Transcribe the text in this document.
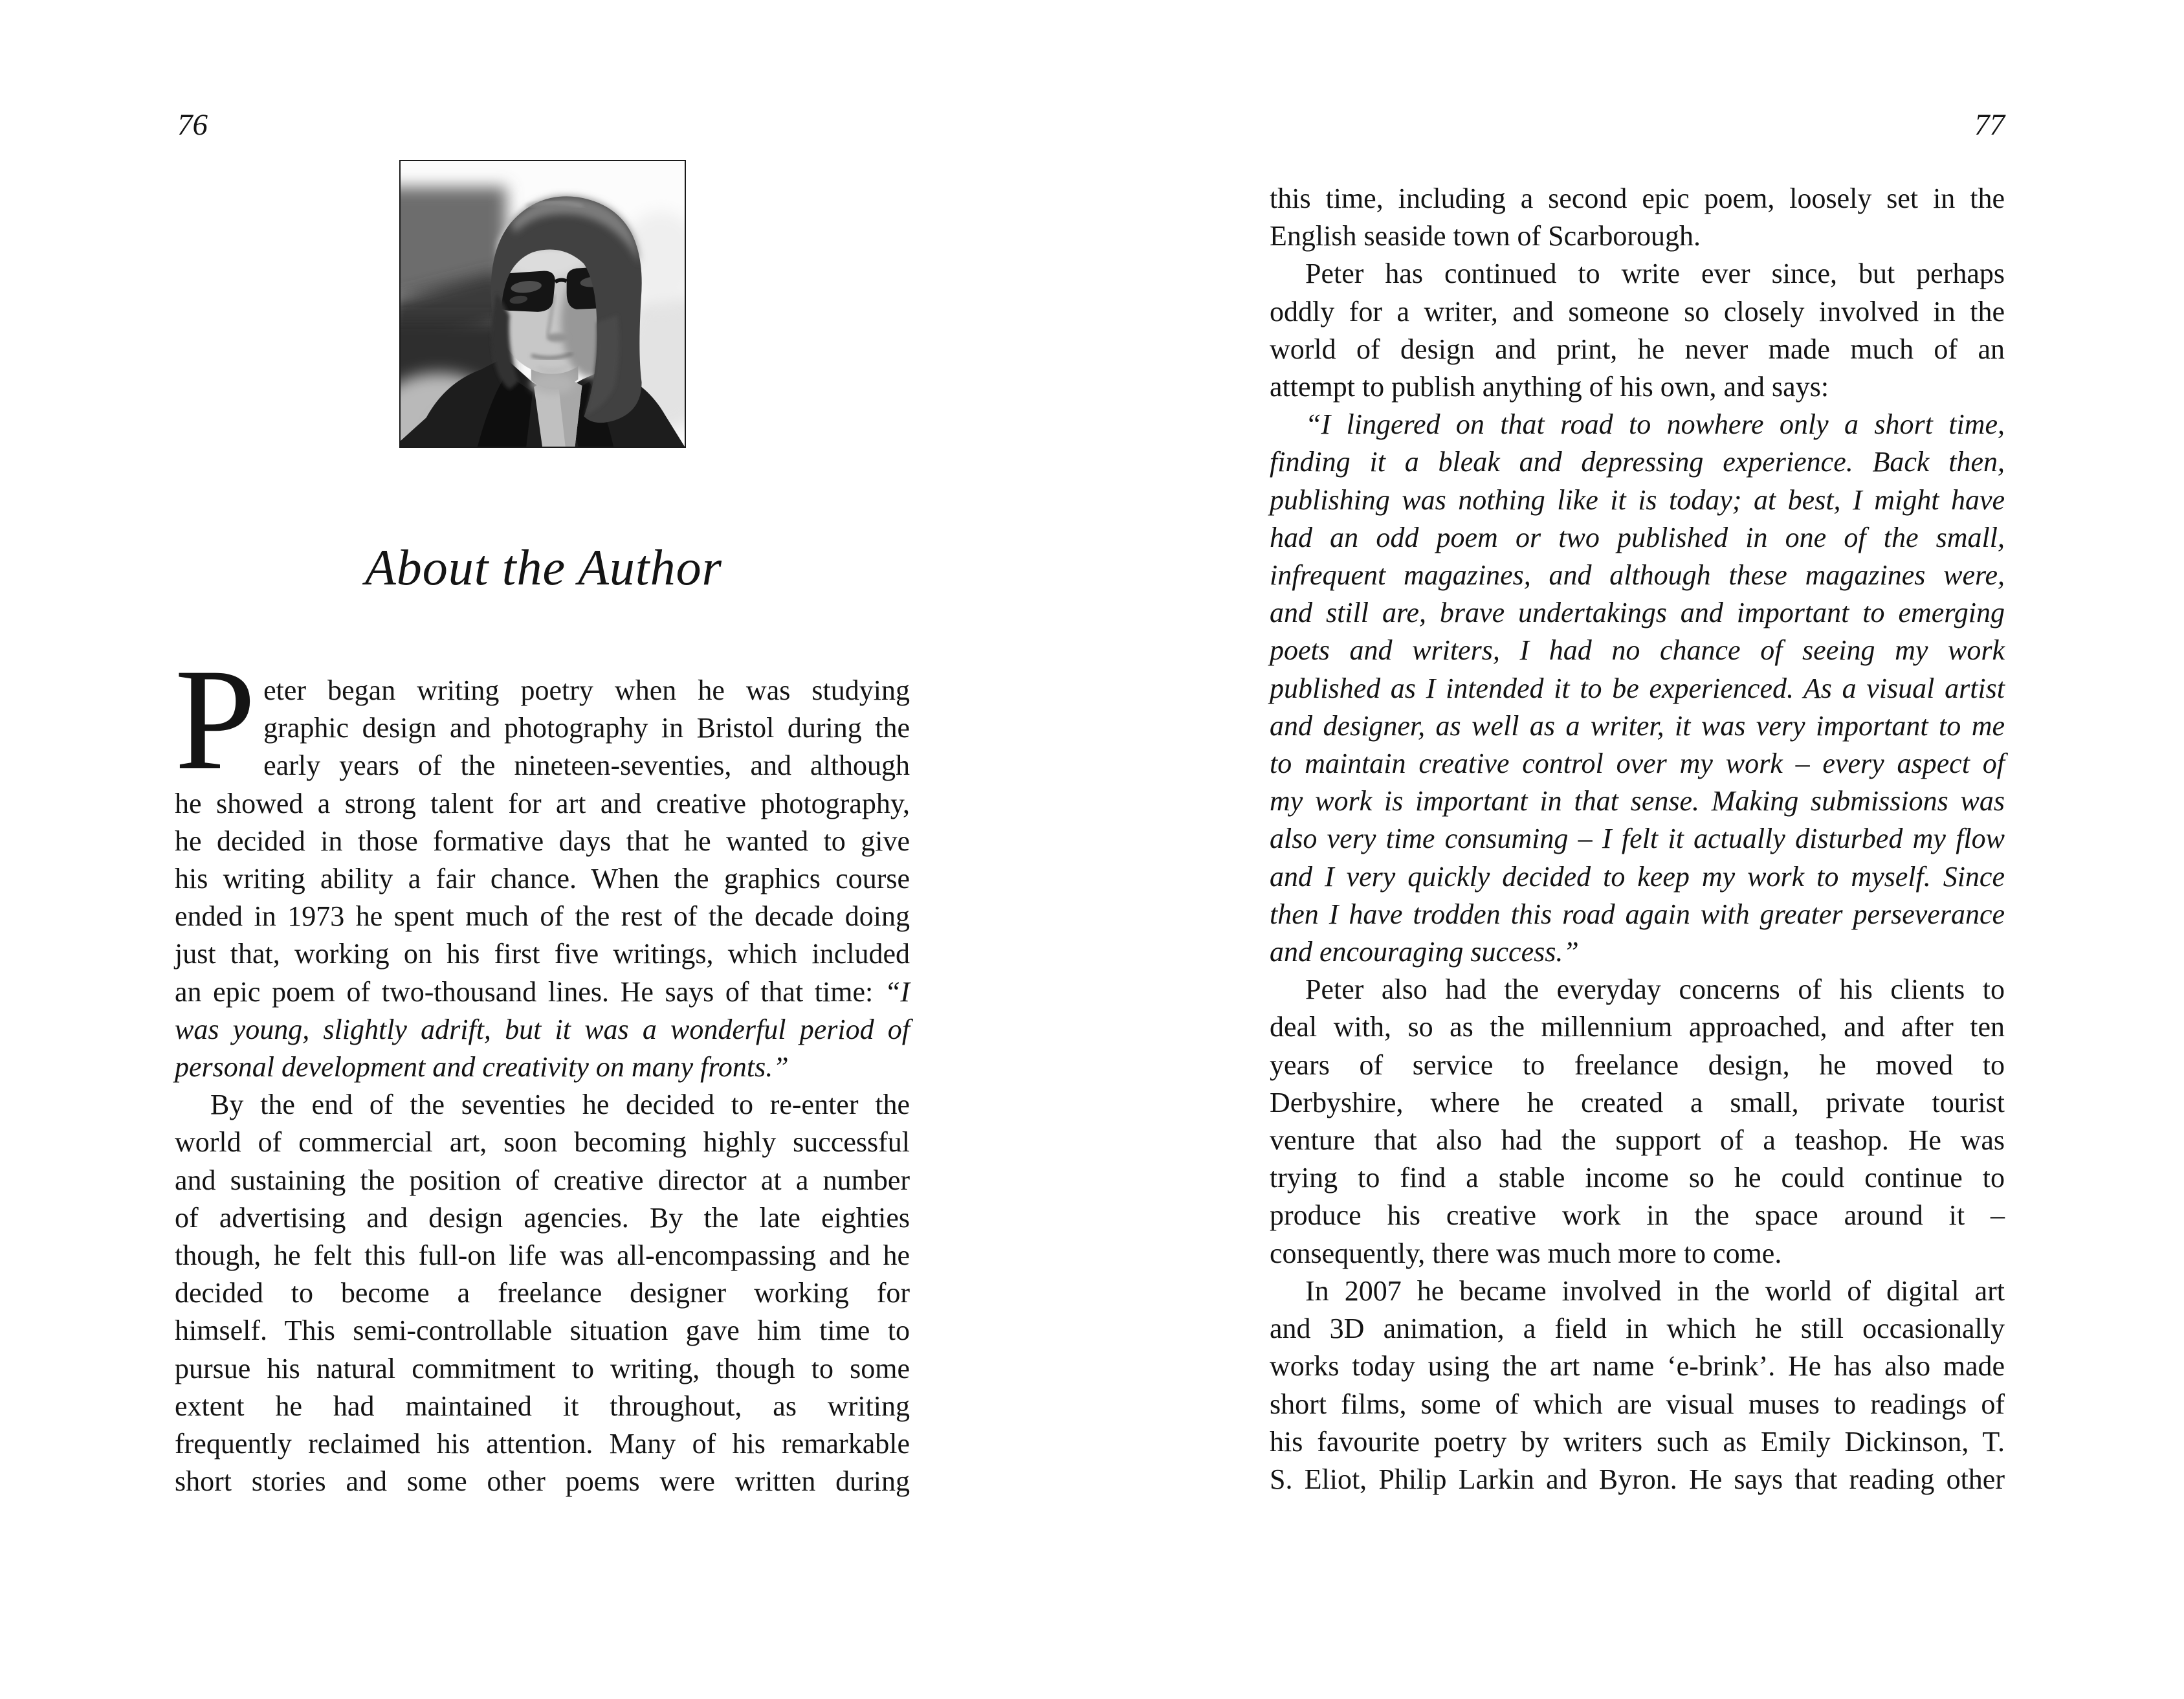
76
About the Author
P eter began writing poetry when he was studying
graphic design and photography in Bristol during the
early years of the nineteen-seventies, and although
he showed a strong talent for art and creative photography,
he decided in those formative days that he wanted to give
his writing ability a fair chance. When the graphics course
ended in 1973 he spent much of the rest of the decade doing
just that, working on his first five writings, which included
an epic poem of two-thousand lines. He says of that time: “I
was young, slightly adrift, but it was a wonderful period of
personal development and creativity on many fronts.”
By the end of the seventies he decided to re-enter the
world of commercial art, soon becoming highly successful
and sustaining the position of creative director at a number
of advertising and design agencies. By the late eighties
though, he felt this full-on life was all-encompassing and he
decided to become a freelance designer working for
himself. This semi-controllable situation gave him time to
pursue his natural commitment to writing, though to some
extent he had maintained it throughout, as writing
frequently reclaimed his attention. Many of his remarkable
short stories and some other poems were written during
77
this time, including a second epic poem, loosely set in the
English seaside town of Scarborough.
Peter has continued to write ever since, but perhaps
oddly for a writer, and someone so closely involved in the
world of design and print, he never made much of an
attempt to publish anything of his own, and says:
“I lingered on that road to nowhere only a short time,
finding it a bleak and depressing experience. Back then,
publishing was nothing like it is today; at best, I might have
had an odd poem or two published in one of the small,
infrequent magazines, and although these magazines were,
and still are, brave undertakings and important to emerging
poets and writers, I had no chance of seeing my work
published as I intended it to be experienced. As a visual artist
and designer, as well as a writer, it was very important to me
to maintain creative control over my work – every aspect of
my work is important in that sense. Making submissions was
also very time consuming – I felt it actually disturbed my flow
and I very quickly decided to keep my work to myself. Since
then I have trodden this road again with greater perseverance
and encouraging success.”
Peter also had the everyday concerns of his clients to
deal with, so as the millennium approached, and after ten
years of service to freelance design, he moved to
Derbyshire, where he created a small, private tourist
venture that also had the support of a teashop. He was
trying to find a stable income so he could continue to
produce his creative work in the space around it –
consequently, there was much more to come.
In 2007 he became involved in the world of digital art
and 3D animation, a field in which he still occasionally
works today using the art name ‘e-brink’. He has also made
short films, some of which are visual muses to readings of
his favourite poetry by writers such as Emily Dickinson, T.
S. Eliot, Philip Larkin and Byron. He says that reading other
